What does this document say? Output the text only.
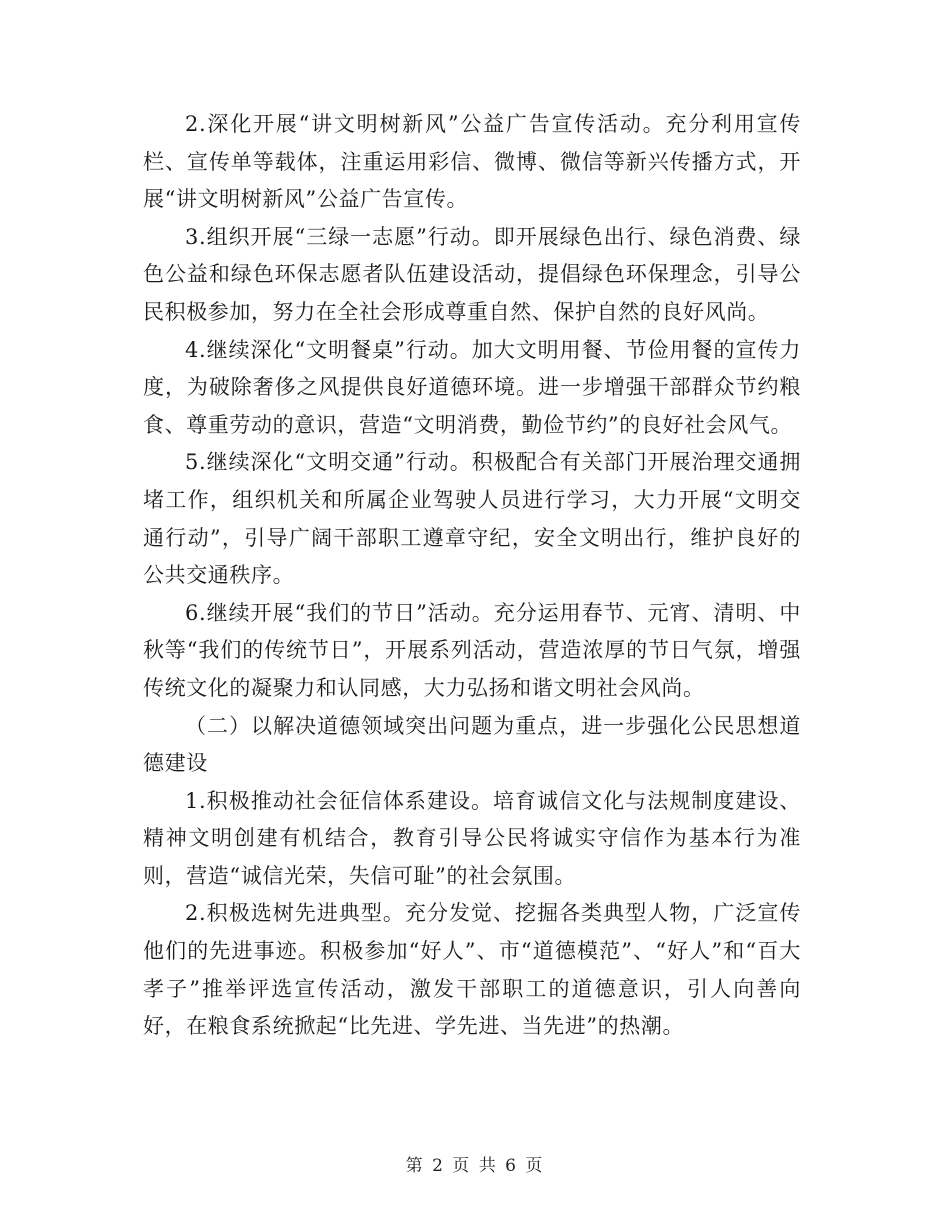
2.深化开展“讲文明树新风”公益广告宣传活动。充分利用宣传栏、宣传单等载体，注重运用彩信、微博、微信等新兴传播方式，开展“讲文明树新风”公益广告宣传。

3.组织开展“三绿一志愿”行动。即开展绿色出行、绿色消费、绿色公益和绿色环保志愿者队伍建设活动，提倡绿色环保理念，引导公民积极参加，努力在全社会形成尊重自然、保护自然的良好风尚。

4.继续深化“文明餐桌”行动。加大文明用餐、节俭用餐的宣传力度，为破除奢侈之风提供良好道德环境。进一步增强干部群众节约粮食、尊重劳动的意识，营造“文明消费，勤俭节约”的良好社会风气。

5.继续深化“文明交通”行动。积极配合有关部门开展治理交通拥堵工作，组织机关和所属企业驾驶人员进行学习，大力开展“文明交通行动”，引导广阔干部职工遵章守纪，安全文明出行，维护良好的公共交通秩序。

6.继续开展“我们的节日”活动。充分运用春节、元宵、清明、中秋等“我们的传统节日”，开展系列活动，营造浓厚的节日气氛，增强传统文化的凝聚力和认同感，大力弘扬和谐文明社会风尚。

（二）以解决道德领域突出问题为重点，进一步强化公民思想道德建设

1.积极推动社会征信体系建设。培育诚信文化与法规制度建设、精神文明创建有机结合，教育引导公民将诚实守信作为基本行为准则，营造“诚信光荣，失信可耻”的社会氛围。

2.积极选树先进典型。充分发觉、挖掘各类典型人物，广泛宣传他们的先进事迹。积极参加“好人”、市“道德模范”、“好人”和“百大孝子”推举评选宣传活动，激发干部职工的道德意识，引人向善向好，在粮食系统掀起“比先进、学先进、当先进”的热潮。

第 2 页 共 6 页
